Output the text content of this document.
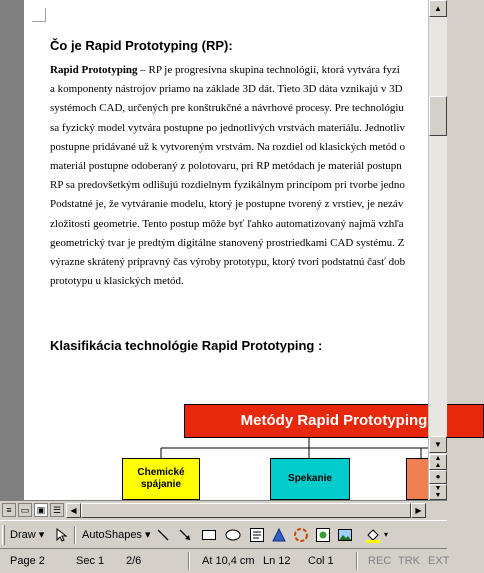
Čo je Rapid Prototyping (RP):
Rapid Prototyping – RP je progresívna skupina technológií, ktorá vytvára fyzi
a komponenty nástrojov priamo na základe 3D dát. Tieto 3D dáta vznikajú v 3D
systémoch CAD, určených pre konštrukčné a návrhové procesy. Pre technológiu
sa fyzický model vytvára postupne po jednotlivých vrstvách materiálu. Jednotliv
postupne pridávané už k vytvoreným vrstvám. Na rozdiel od klasických metód o
materiál postupne odoberaný z polotovaru, pri RP metódach je materiál postupn
RP sa predovšetkým odlišujú rozdielnym fyzikálnym princípom pri tvorbe jedno
Podstatné je, že vytváranie modelu, ktorý je postupne tvorený z vrstiev, je nezáv
zložitosti geometrie. Tento postup môže byť ľahko automatizovaný najmä vzhľa
geometrický tvar je predtým digitálne stanovený prostriedkami CAD systému. Z
výrazne skrátený prípravný čas výroby prototypu, ktorý tvorí podstatnú časť dob
prototypu u klasických metód.
Klasifikácia technológie Rapid Prototyping :
Metódy Rapid Prototyping
Chemické spájanie
Spekanie
▲
▼
▲
▲
●
▼
▼
≡	▭ ▣ ☰	◀	▶
Draw ▾	AutoShapes ▾	▾
Page 2	Sec 1 2/6	At 10,4 cm Ln 12 Col 1	REC TRK EXT
